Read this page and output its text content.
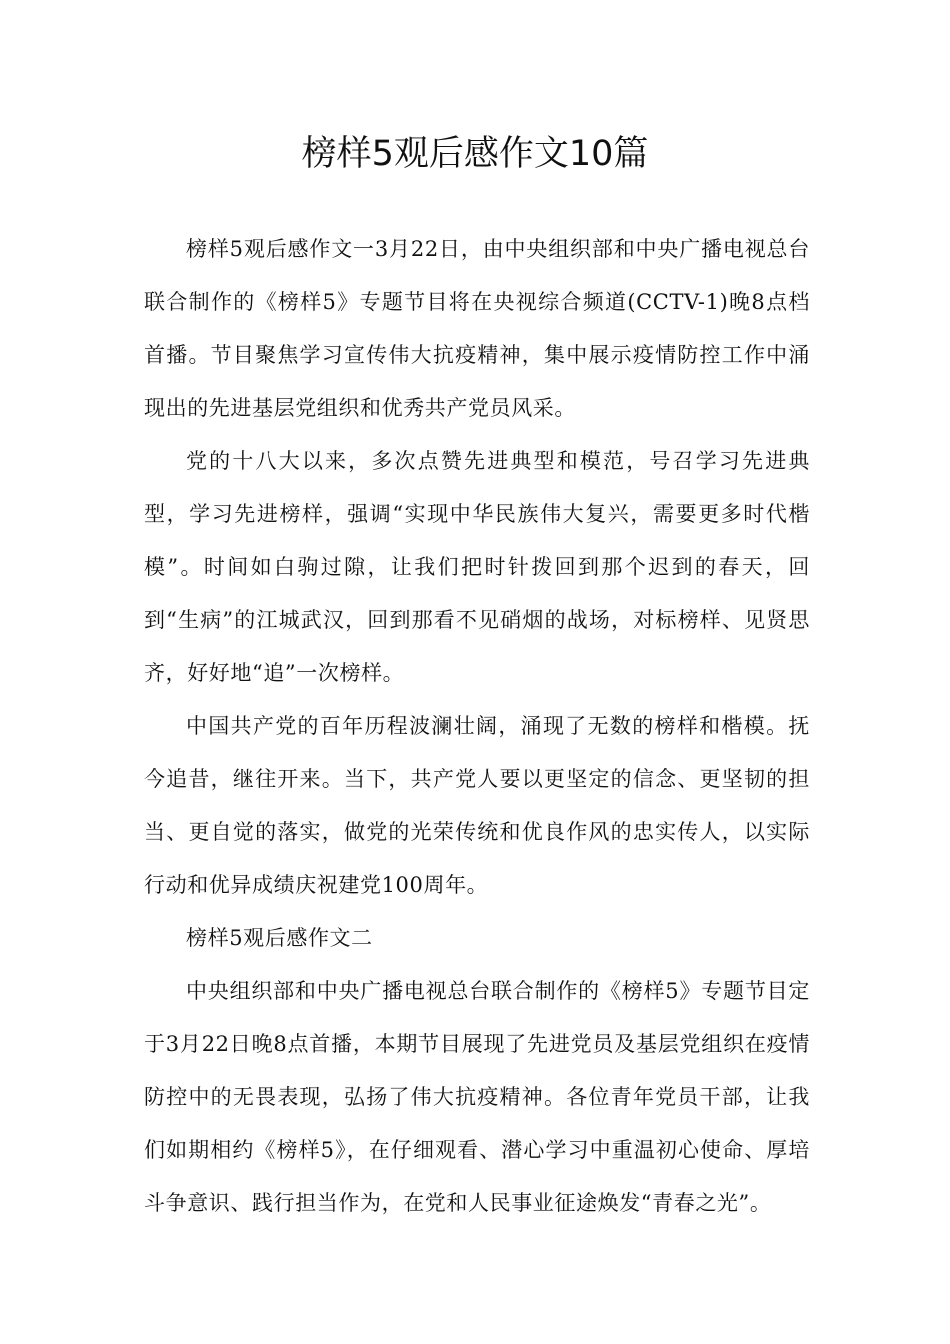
榜样5观后感作文10篇

榜样5观后感作文一3月22日，由中央组织部和中央广播电视总台联合制作的《榜样5》专题节目将在央视综合频道(CCTV-1)晚8点档首播。节目聚焦学习宣传伟大抗疫精神，集中展示疫情防控工作中涌现出的先进基层党组织和优秀共产党员风采。

党的十八大以来，多次点赞先进典型和模范，号召学习先进典型，学习先进榜样，强调“实现中华民族伟大复兴，需要更多时代楷模”。时间如白驹过隙，让我们把时针拨回到那个迟到的春天，回到“生病”的江城武汉，回到那看不见硝烟的战场，对标榜样、见贤思齐，好好地“追”一次榜样。

中国共产党的百年历程波澜壮阔，涌现了无数的榜样和楷模。抚今追昔，继往开来。当下，共产党人要以更坚定的信念、更坚韧的担当、更自觉的落实，做党的光荣传统和优良作风的忠实传人，以实际行动和优异成绩庆祝建党100周年。

榜样5观后感作文二

中央组织部和中央广播电视总台联合制作的《榜样5》专题节目定于3月22日晚8点首播，本期节目展现了先进党员及基层党组织在疫情防控中的无畏表现，弘扬了伟大抗疫精神。各位青年党员干部，让我们如期相约《榜样5》，在仔细观看、潜心学习中重温初心使命、厚培斗争意识、践行担当作为，在党和人民事业征途焕发“青春之光”。
